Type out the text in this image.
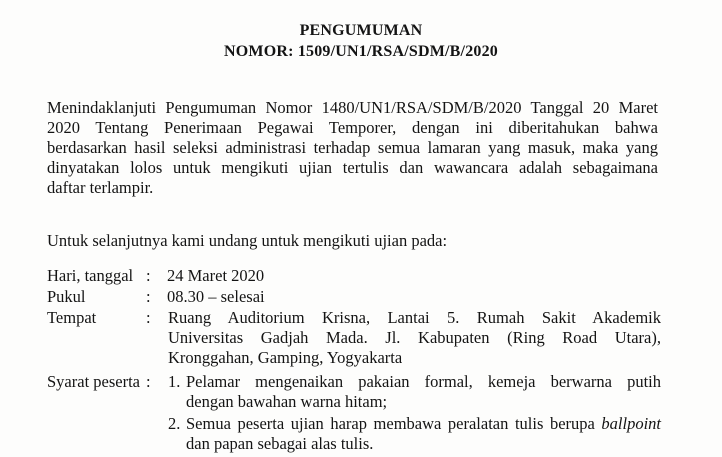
PENGUMUMAN
NOMOR: 1509/UN1/RSA/SDM/B/2020
Menindaklanjuti Pengumuman Nomor 1480/UN1/RSA/SDM/B/2020 Tanggal 20 Maret
2020 Tentang Penerimaan Pegawai Temporer, dengan ini diberitahukan bahwa
berdasarkan hasil seleksi administrasi terhadap semua lamaran yang masuk, maka yang
dinyatakan lolos untuk mengikuti ujian tertulis dan wawancara adalah sebagaimana
daftar terlampir.
Untuk selanjutnya kami undang untuk mengikuti ujian pada:
Hari, tanggal : 24 Maret 2020
Pukul	: 08.30 – selesai
Tempat	: Ruang Auditorium Krisna, Lantai 5. Rumah Sakit Akademik
Universitas Gadjah Mada. Jl. Kabupaten (Ring Road Utara),
Kronggahan, Gamping, Yogyakarta
Syarat peserta : 1. Pelamar mengenaikan pakaian formal, kemeja berwarna putih
dengan bawahan warna hitam;
2. Semua peserta ujian harap membawa peralatan tulis berupa ballpoint
dan papan sebagai alas tulis.
